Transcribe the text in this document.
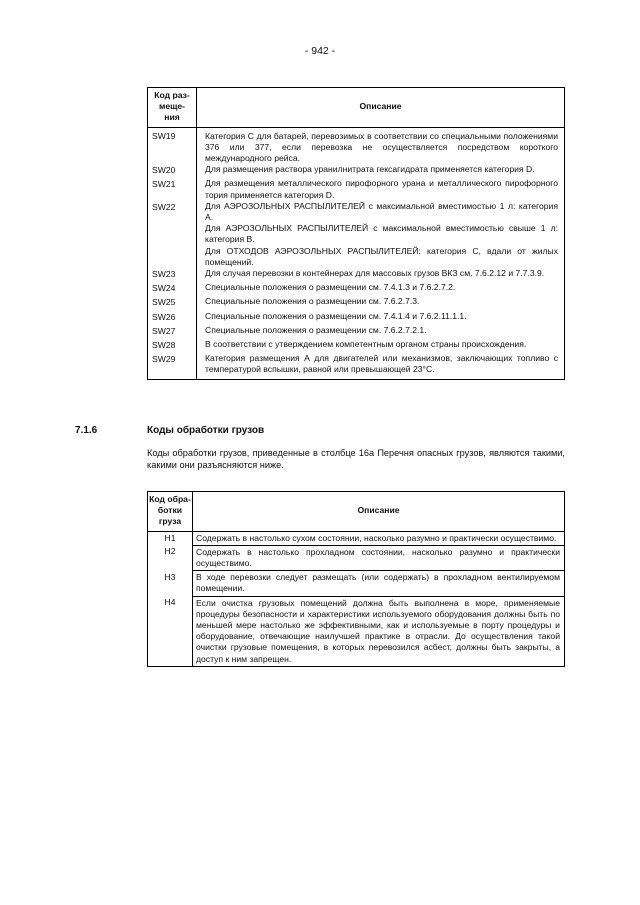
- 942 -
Код раз-
меще-
ния	Описание
SW19	Категория С для батарей, перевозимых в соответствии со специальными положениями 376 или 377, если перевозка не осуществляется посредством короткого международного рейса.
SW20	Для размещения раствора уранилнитрата гексагидрата применяется категория D.
SW21	Для размещения металлического пирофорного урана и металлического пирофорного тория применяется категория D.
SW22	Для АЭРОЗОЛЬНЫХ РАСПЫЛИТЕЛЕЙ с максимальной вместимостью 1 л: категория А.
Для АЭРОЗОЛЬНЫХ РАСПЫЛИТЕЛЕЙ с максимальной вместимостью свыше 1 л: категория В.
Для ОТХОДОВ АЭРОЗОЛЬНЫХ РАСПЫЛИТЕЛЕЙ: категория С, вдали от жилых помещений.
SW23	Для случая перевозки в контейнерах для массовых грузов ВКЗ см. 7.6.2.12 и 7.7.3.9.
SW24	Специальные положения о размещении см. 7.4.1.3 и 7.6.2.7.2.
SW25	Специальные положения о размещении см. 7.6.2.7.3.
SW26	Специальные положения о размещении см. 7.4.1.4 и 7.6.2.11.1.1.
SW27	Специальные положения о размещении см. 7.6.2.7.2.1.
SW28	В соответствии с утверждением компетентным органом страны происхождения.
SW29	Категория размещения А для двигателей или механизмов, заключающих топливо с температурой вспышки, равной или превышающей 23°С.
7.1.6	Коды обработки грузов
Коды обработки грузов, приведенные в столбце 16а Перечня опасных грузов, являются такими, какими они разъясняются ниже.
Код обра-
ботки
груза	Описание
H1	Содержать в настолько сухом состоянии, насколько разумно и практически осуществимо.
H2	Содержать в настолько прохладном состоянии, насколько разумно и практически осуществимо.
H3	В ходе перевозки следует размещать (или содержать) в прохладном вентилируемом помещении.
H4	Если очистка грузовых помещений должна быть выполнена в море, применяемые процедуры безопасности и характеристики используемого оборудования должны быть по меньшей мере настолько же эффективными, как и используемые в порту процедуры и оборудование, отвечающие наилучшей практике в отрасли. До осуществления такой очистки грузовые помещения, в которых перевозился асбест, должны быть закрыты, а доступ к ним запрещен.
